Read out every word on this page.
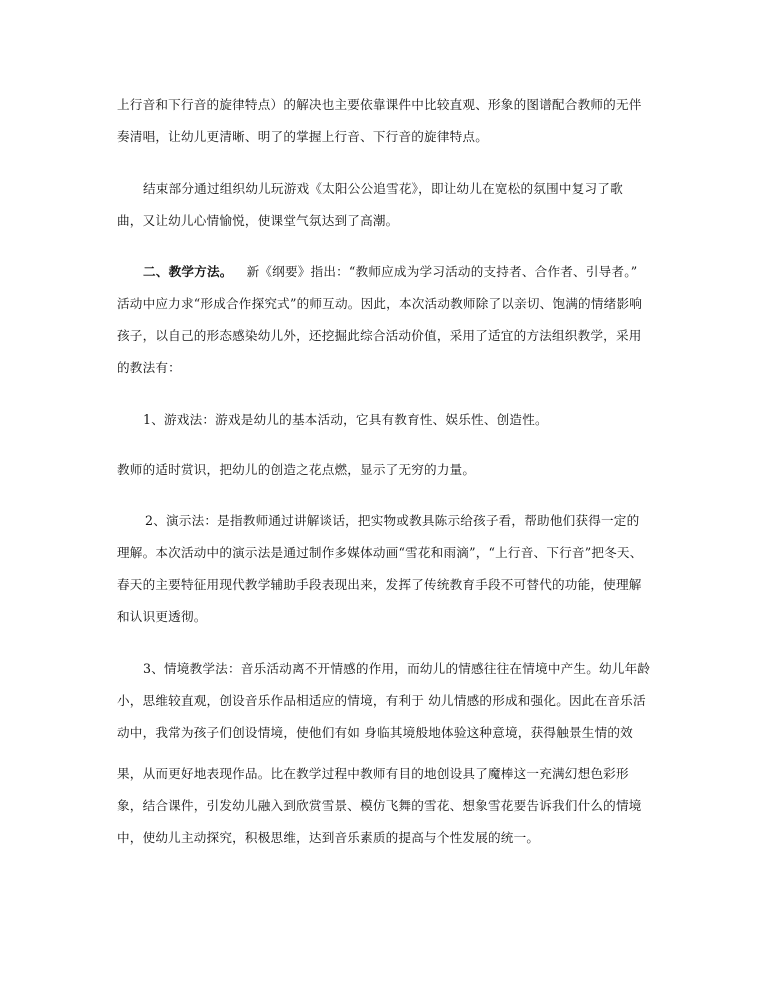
上行音和下行音的旋律特点）的解决也主要依靠课件中比较直观、形象的图谱配合教师的无伴
奏清唱，让幼儿更清晰、明了的掌握上行音、下行音的旋律特点。
结束部分通过组织幼儿玩游戏《太阳公公追雪花》，即让幼儿在宽松的氛围中复习了歌
曲，又让幼儿心情愉悦，使课堂气氛达到了高潮。
二、教学方法。 新《纲要》指出：“教师应成为学习活动的支持者、合作者、引导者。”
活动中应力求“形成合作探究式”的师互动。因此，本次活动教师除了以亲切、饱满的情绪影响
孩子，以自己的形态感染幼儿外，还挖掘此综合活动价值，采用了适宜的方法组织教学，采用
的教法有：
1、游戏法：游戏是幼儿的基本活动，它具有教育性、娱乐性、创造性。
教师的适时赏识，把幼儿的创造之花点燃，显示了无穷的力量。
2、演示法：是指教师通过讲解谈话，把实物或教具陈示给孩子看，帮助他们获得一定的
理解。本次活动中的演示法是通过制作多媒体动画“雪花和雨滴”，“上行音、下行音”把冬天、
春天的主要特征用现代教学辅助手段表现出来，发挥了传统教育手段不可替代的功能，使理解
和认识更透彻。
3、情境教学法：音乐活动离不开情感的作用，而幼儿的情感往往在情境中产生。幼儿年龄
小，思维较直观，创设音乐作品相适应的情境，有利于 幼儿情感的形成和强化。因此在音乐活
动中，我常为孩子们创设情境，使他们有如 身临其境般地体验这种意境，获得触景生情的效
果，从而更好地表现作品。比在教学过程中教师有目的地创设具了魔棒这一充满幻想色彩形
象，结合课件，引发幼儿融入到欣赏雪景、模仿飞舞的雪花、想象雪花要告诉我们什么的情境
中，使幼儿主动探究，积极思维，达到音乐素质的提高与个性发展的统一。
